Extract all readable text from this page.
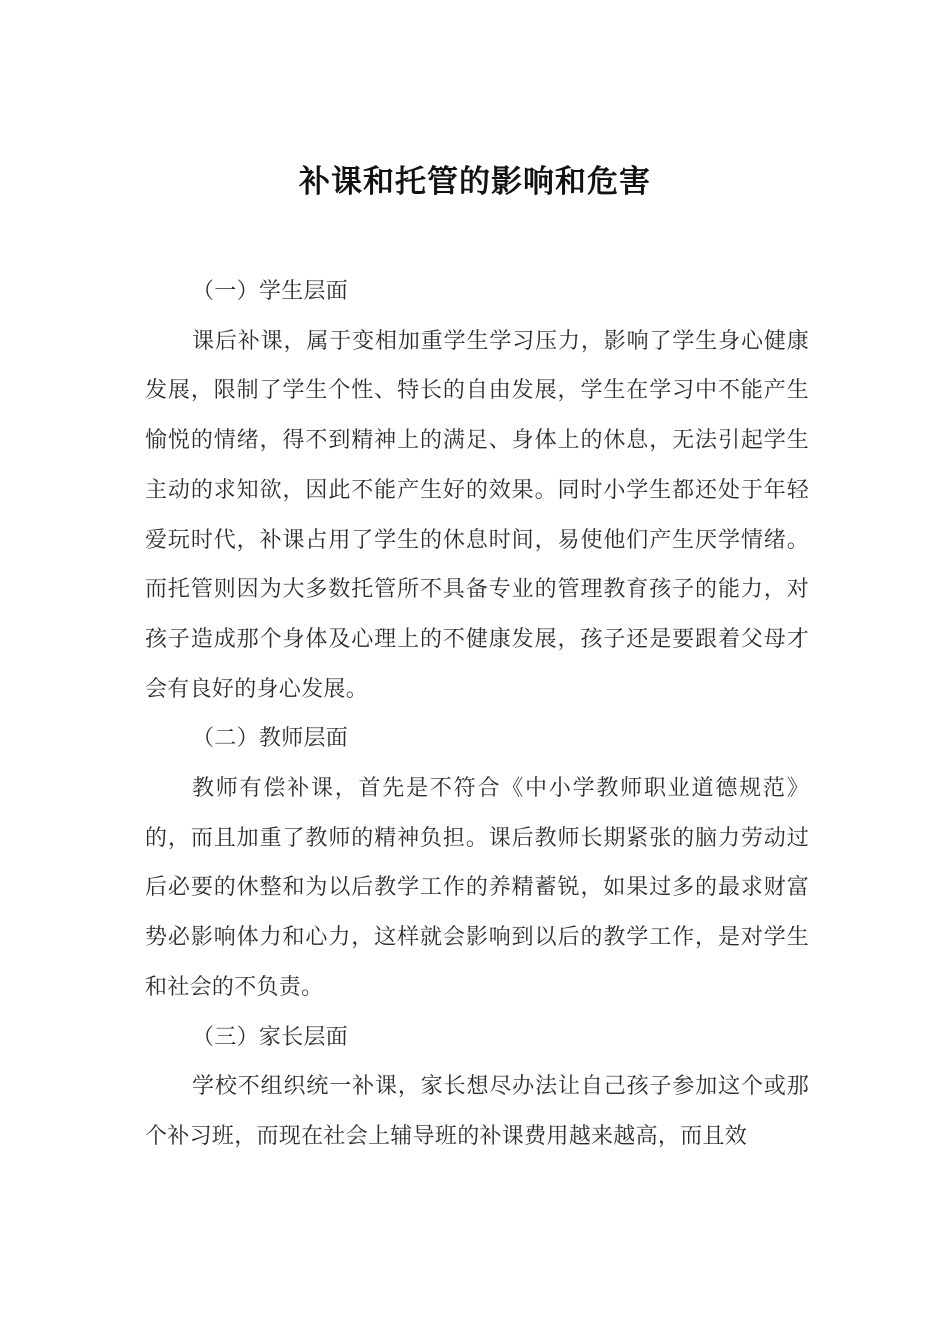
补课和托管的影响和危害

（一）学生层面

课后补课，属于变相加重学生学习压力，影响了学生身心健康发展，限制了学生个性、特长的自由发展，学生在学习中不能产生愉悦的情绪，得不到精神上的满足、身体上的休息，无法引起学生主动的求知欲，因此不能产生好的效果。同时小学生都还处于年轻爱玩时代，补课占用了学生的休息时间，易使他们产生厌学情绪。而托管则因为大多数托管所不具备专业的管理教育孩子的能力，对孩子造成那个身体及心理上的不健康发展，孩子还是要跟着父母才会有良好的身心发展。

（二）教师层面

教师有偿补课，首先是不符合《中小学教师职业道德规范》的，而且加重了教师的精神负担。课后教师长期紧张的脑力劳动过后必要的休整和为以后教学工作的养精蓄锐，如果过多的最求财富势必影响体力和心力，这样就会影响到以后的教学工作，是对学生和社会的不负责。

（三）家长层面

学校不组织统一补课，家长想尽办法让自己孩子参加这个或那个补习班，而现在社会上辅导班的补课费用越来越高，而且效
